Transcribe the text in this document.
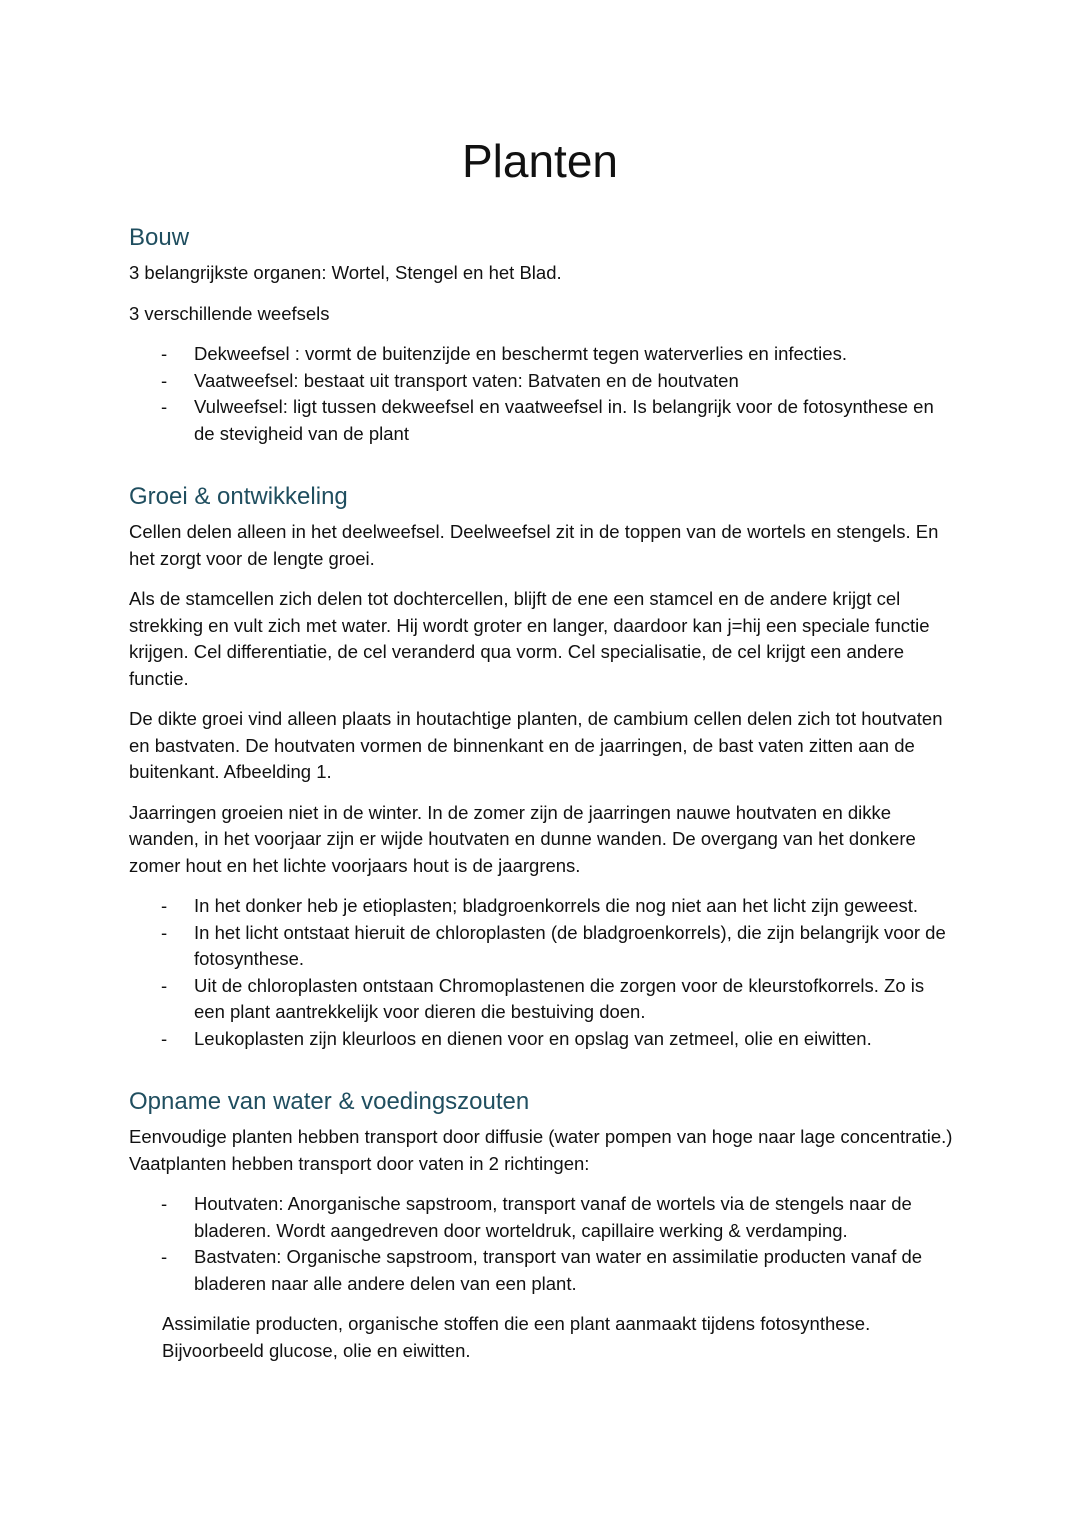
Planten
Bouw

3 belangrijkste organen: Wortel, Stengel en het Blad.

3 verschillende weefsels

- Dekweefsel : vormt de buitenzijde en beschermt tegen waterverlies en infecties.
- Vaatweefsel: bestaat uit transport vaten: Batvaten en de houtvaten
- Vulweefsel: ligt tussen dekweefsel en vaatweefsel in. Is belangrijk voor de fotosynthese en de stevigheid van de plant
Groei & ontwikkeling

Cellen delen alleen in het deelweefsel. Deelweefsel zit in de toppen van de wortels en stengels. En het zorgt voor de lengte groei.

Als de stamcellen zich delen tot dochtercellen, blijft de ene een stamcel en de andere krijgt cel strekking en vult zich met water. Hij wordt groter en langer, daardoor kan j=hij een speciale functie krijgen. Cel differentiatie, de cel veranderd qua vorm. Cel specialisatie, de cel krijgt een andere functie.

De dikte groei vind alleen plaats in houtachtige planten, de cambium cellen delen zich tot houtvaten en bastvaten. De houtvaten vormen de binnenkant en de jaarringen, de bast vaten zitten aan de buitenkant. Afbeelding 1.

Jaarringen groeien niet in de winter. In de zomer zijn de jaarringen nauwe houtvaten en dikke wanden, in het voorjaar zijn er wijde houtvaten en dunne wanden. De overgang van het donkere zomer hout en het lichte voorjaars hout is de jaargrens.

- In het donker heb je etioplasten; bladgroenkorrels die nog niet aan het licht zijn geweest.
- In het licht ontstaat hieruit de chloroplasten (de bladgroenkorrels), die zijn belangrijk voor de fotosynthese.
- Uit de chloroplasten ontstaan Chromoplastenen die zorgen voor de kleurstofkorrels. Zo is een plant aantrekkelijk voor dieren die bestuiving doen.
- Leukoplasten zijn kleurloos en dienen voor en opslag van zetmeel, olie en eiwitten.
Opname van water & voedingszouten

Eenvoudige planten hebben transport door diffusie (water pompen van hoge naar lage concentratie.) Vaatplanten hebben transport door vaten in 2 richtingen:

- Houtvaten: Anorganische sapstroom, transport vanaf de wortels via de stengels naar de bladeren. Wordt aangedreven door worteldruk, capillaire werking & verdamping.
- Bastvaten: Organische sapstroom, transport van water en assimilatie producten vanaf de bladeren naar alle andere delen van een plant.

Assimilatie producten, organische stoffen die een plant aanmaakt tijdens fotosynthese. Bijvoorbeeld glucose, olie en eiwitten.
